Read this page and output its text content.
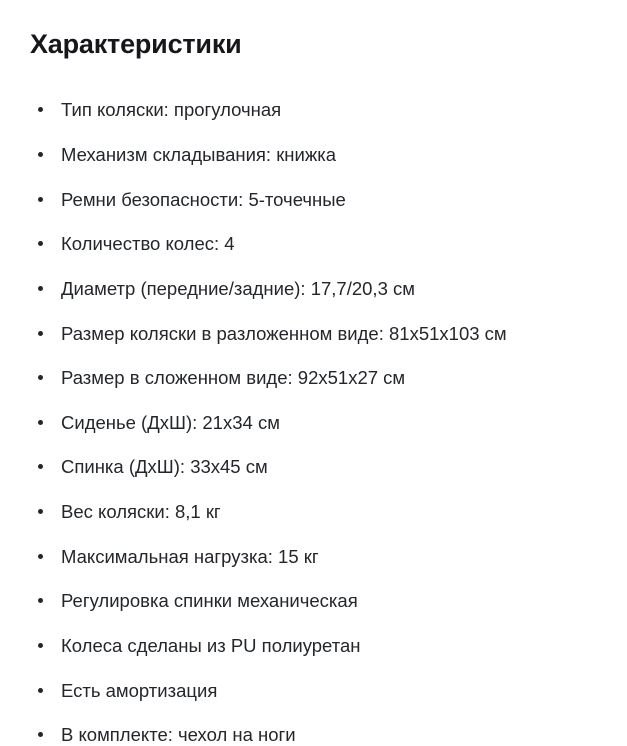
Характеристики
Тип коляски: прогулочная
Механизм складывания: книжка
Ремни безопасности: 5-точечные
Количество колес: 4
Диаметр (передние/задние): 17,7/20,3 см
Размер коляски в разложенном виде: 81x51x103 см
Размер в сложенном виде: 92x51x27 см
Сиденье (ДхШ): 21x34 см
Спинка (ДхШ): 33x45 см
Вес коляски: 8,1 кг
Максимальная нагрузка: 15 кг
Регулировка спинки механическая
Колеса сделаны из PU полиуретан
Есть амортизация
В комплекте: чехол на ноги
